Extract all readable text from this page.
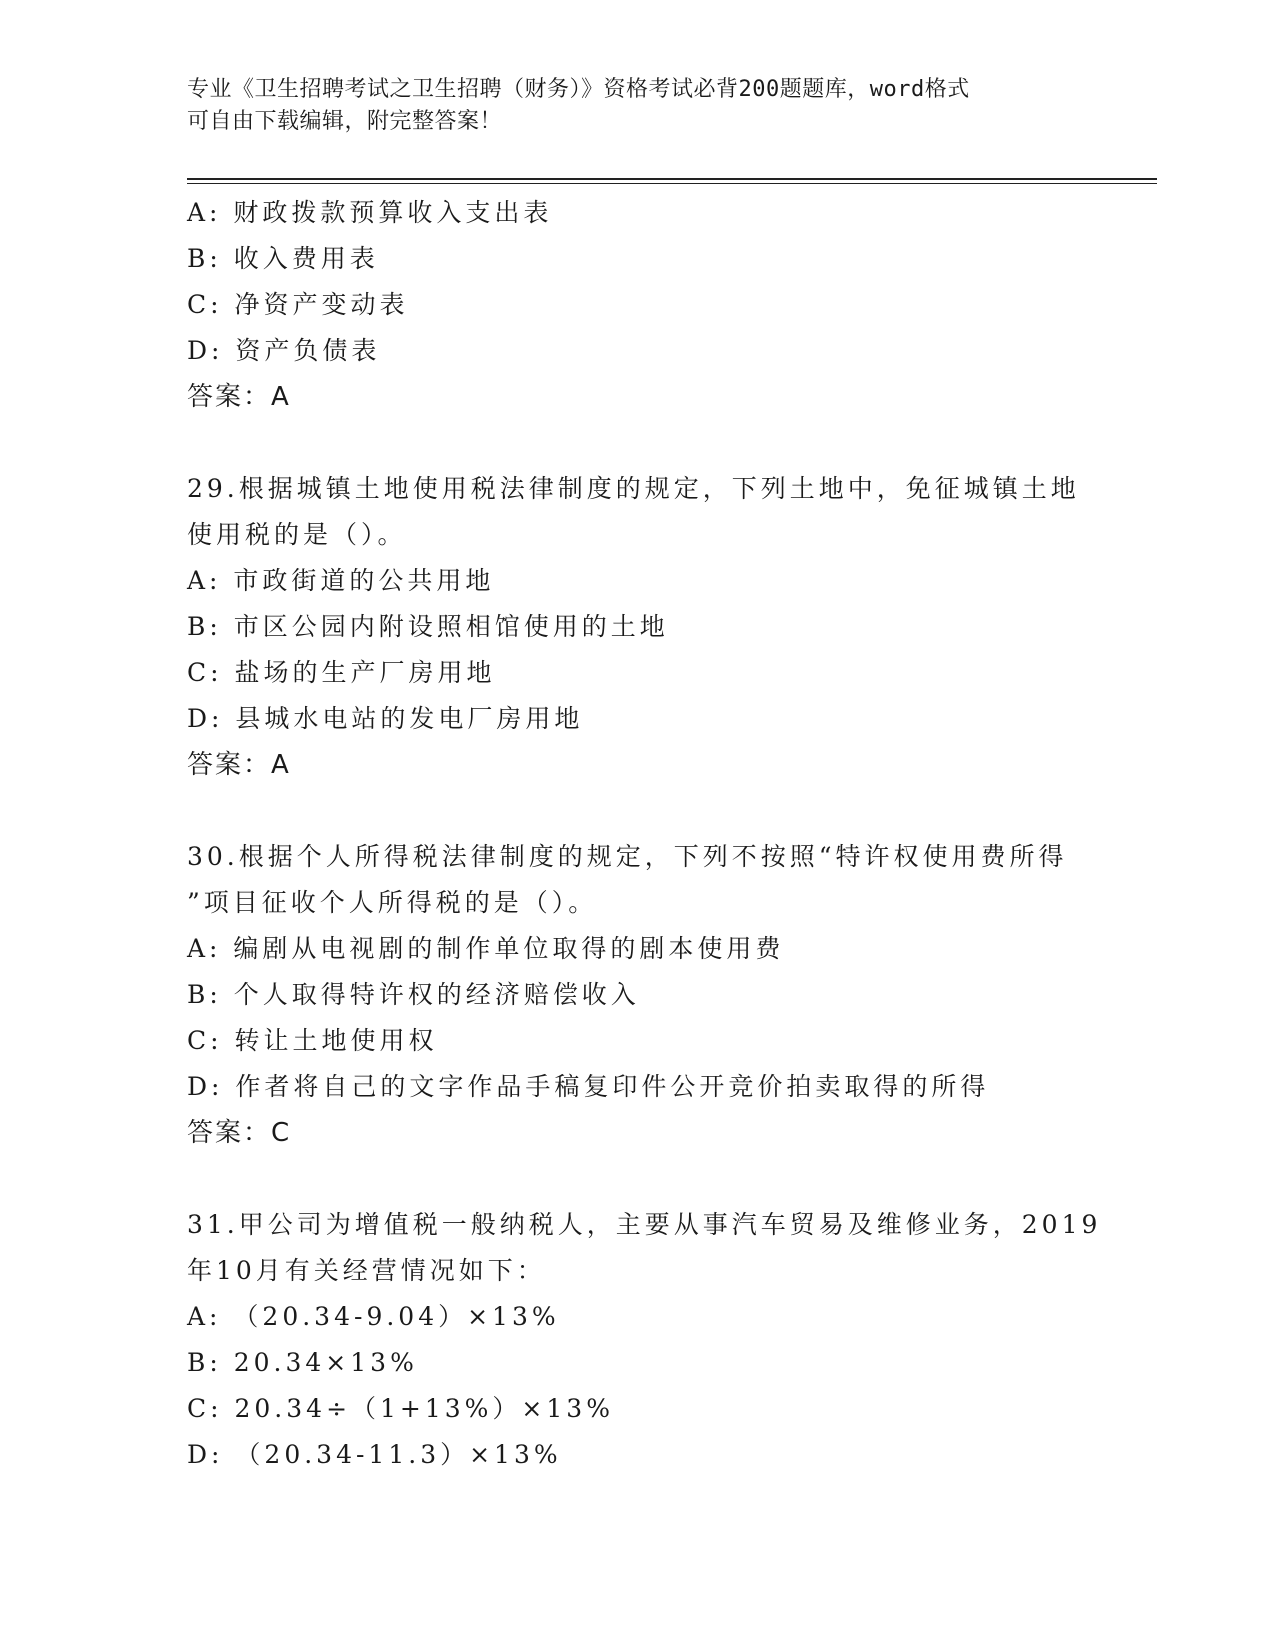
专业《卫生招聘考试之卫生招聘（财务）》资格考试必背200题题库，word格式
可自由下载编辑，附完整答案！
A: 财政拨款预算收入支出表
B: 收入费用表
C: 净资产变动表
D: 资产负债表
答案：A
29.根据城镇土地使用税法律制度的规定，下列土地中，免征城镇土地
使用税的是（）。
A: 市政街道的公共用地
B: 市区公园内附设照相馆使用的土地
C: 盐场的生产厂房用地
D: 县城水电站的发电厂房用地
答案：A
30.根据个人所得税法律制度的规定，下列不按照“特许权使用费所得
”项目征收个人所得税的是（）。
A: 编剧从电视剧的制作单位取得的剧本使用费
B: 个人取得特许权的经济赔偿收入
C: 转让土地使用权
D: 作者将自己的文字作品手稿复印件公开竞价拍卖取得的所得
答案：C
31.甲公司为增值税一般纳税人，主要从事汽车贸易及维修业务，2019
年10月有关经营情况如下：
A: （20.34-9.04）×13%
B: 20.34×13%
C: 20.34÷（1+13%）×13%
D: （20.34-11.3）×13%
